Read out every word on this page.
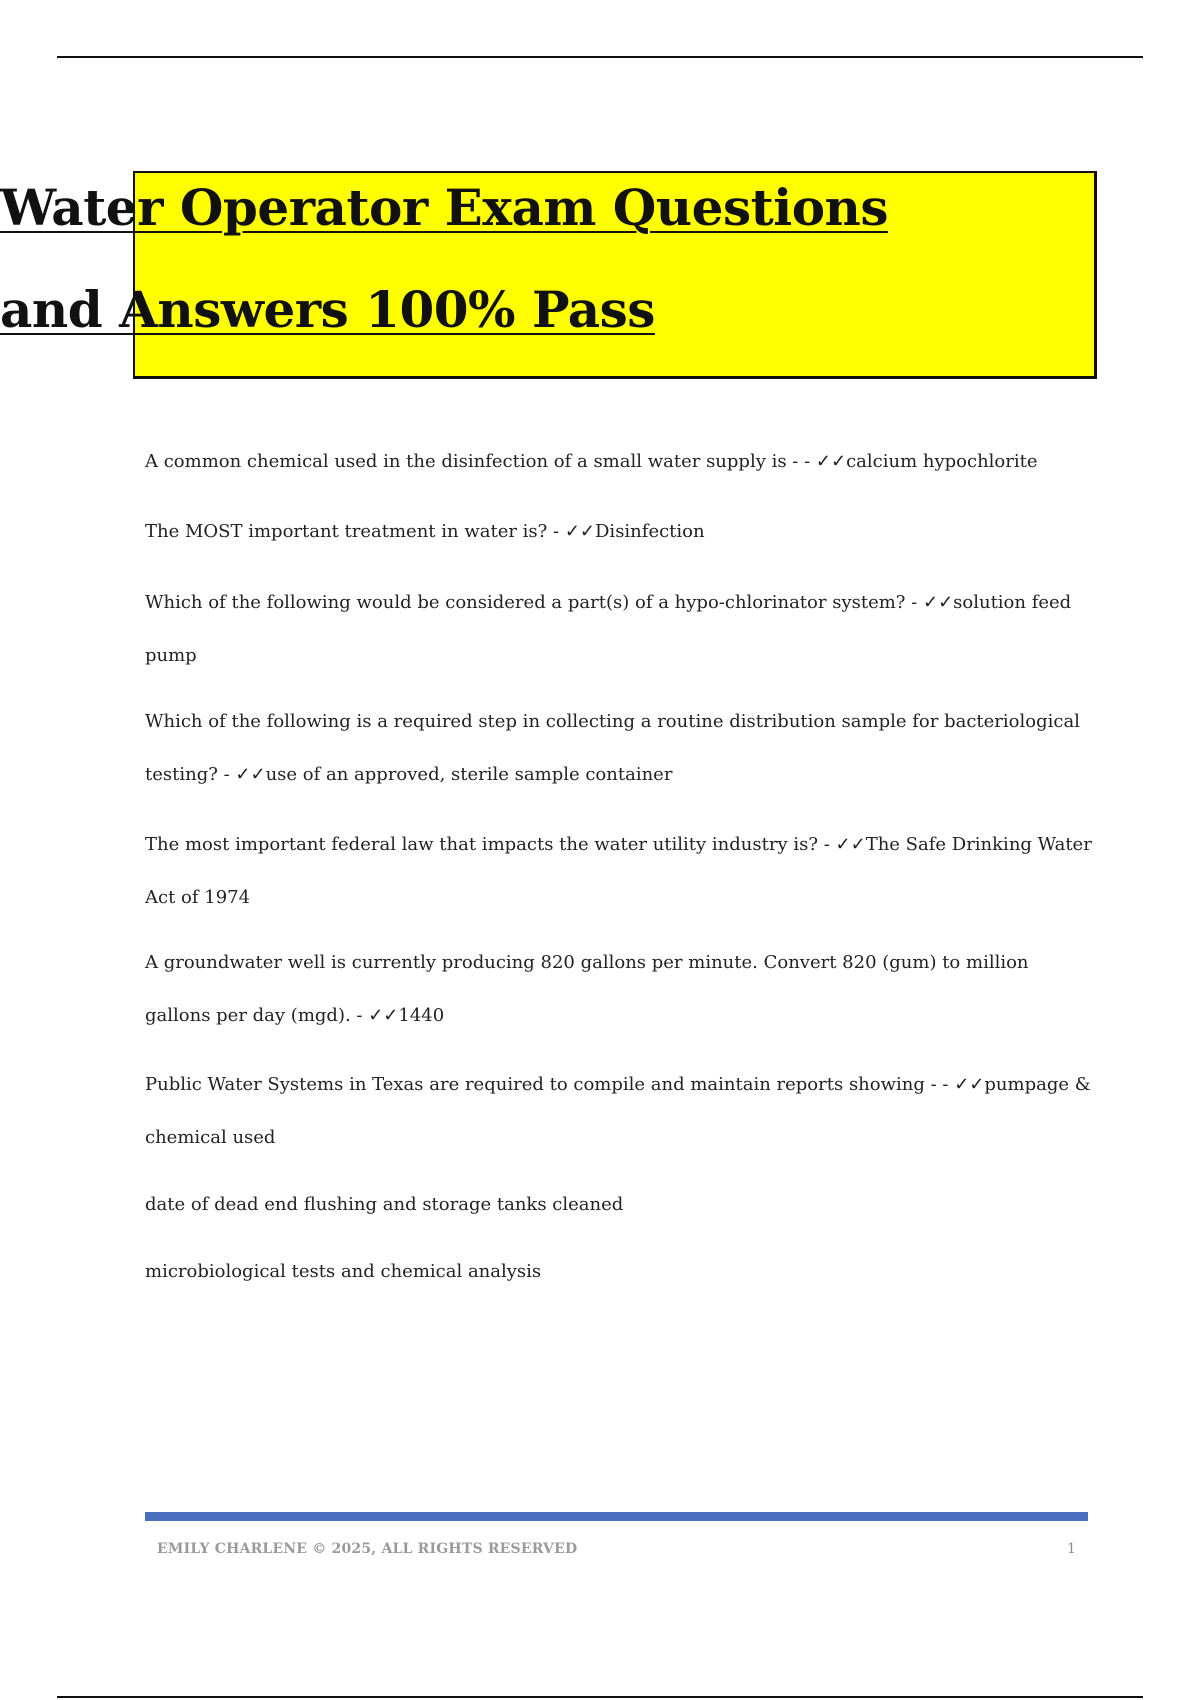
Water Operator Exam Questions
and Answers 100% Pass

A common chemical used in the disinfection of a small water supply is - - ✓✓calcium hypochlorite

The MOST important treatment in water is? - ✓✓Disinfection

Which of the following would be considered a part(s) of a hypo-chlorinator system? - ✓✓solution feed pump

Which of the following is a required step in collecting a routine distribution sample for bacteriological testing? - ✓✓use of an approved, sterile sample container

The most important federal law that impacts the water utility industry is? - ✓✓The Safe Drinking Water Act of 1974

A groundwater well is currently producing 820 gallons per minute. Convert 820 (gum) to million gallons per day (mgd). - ✓✓1440

Public Water Systems in Texas are required to compile and maintain reports showing - - ✓✓pumpage & chemical used

date of dead end flushing and storage tanks cleaned

microbiological tests and chemical analysis

EMILY CHARLENE © 2025, ALL RIGHTS RESERVED	1
